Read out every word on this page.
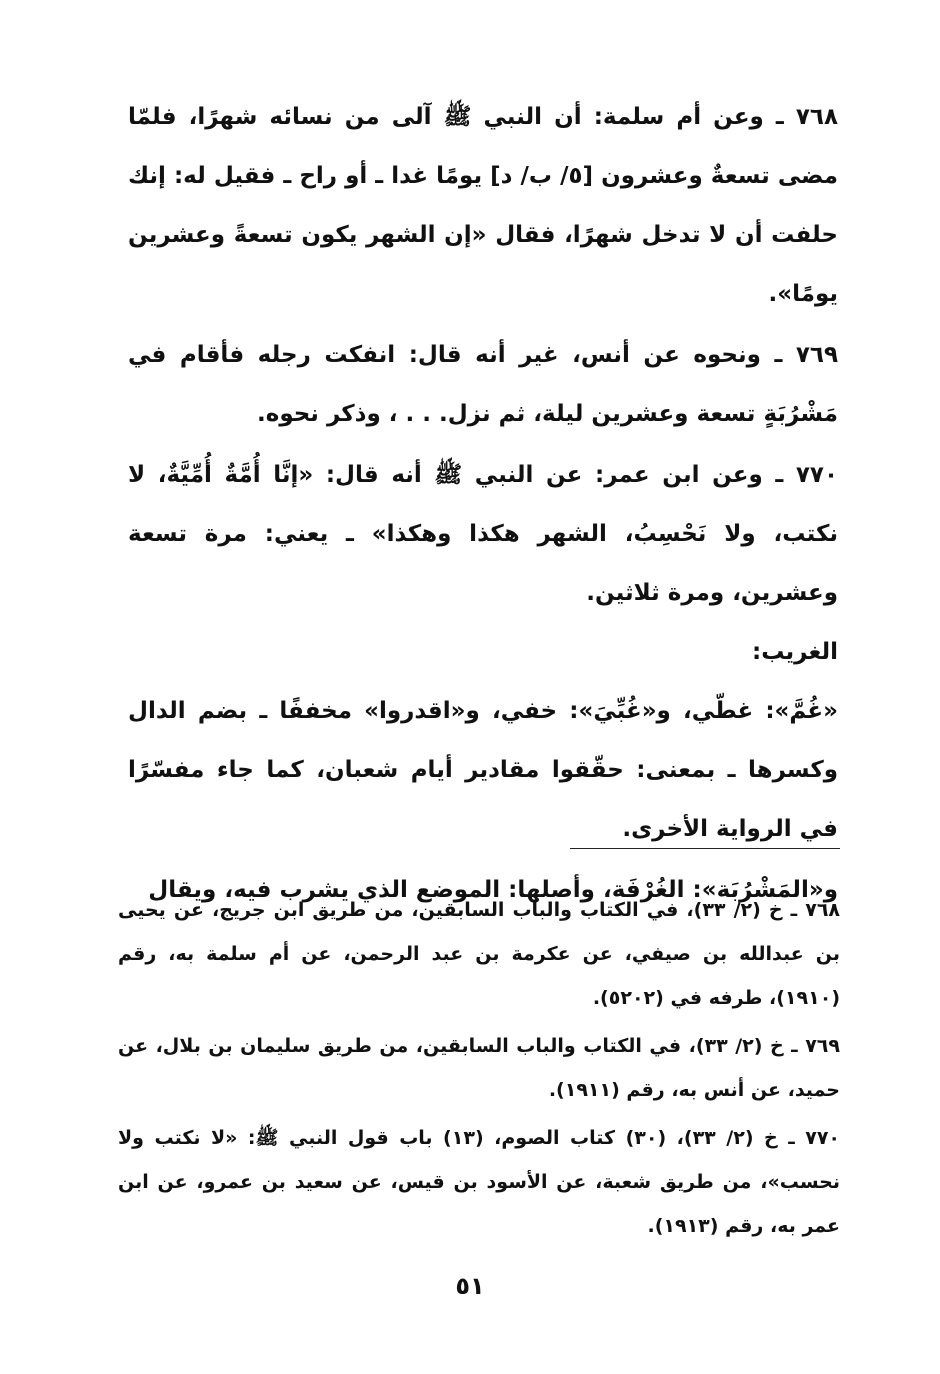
٧٦٨ ـ وعن أم سلمة: أن النبي ﷺ آلى من نسائه شهرًا، فلمّا مضى تسعةٌ وعشرون [٥/ ب/ د] يومًا غدا ـ أو راح ـ فقيل له: إنك حلفت أن لا تدخل شهرًا، فقال «إن الشهر يكون تسعةً وعشرين يومًا».

٧٦٩ ـ ونحوه عن أنس، غير أنه قال: انفكت رجله فأقام في مَشْرُبَةٍ تسعة وعشرين ليلة، ثم نزل. . . ، وذكر نحوه.

٧٧٠ ـ وعن ابن عمر: عن النبي ﷺ أنه قال: «إنَّا أُمَّةٌ أُمِّيَّةٌ، لا نكتب، ولا نَحْسِبُ، الشهر هكذا وهكذا» ـ يعني: مرة تسعة وعشرين، ومرة ثلاثين.

الغريب:

«غُمَّ»: غطّي، و«غُبِّيَ»: خفي، و«اقدروا» مخففًا ـ بضم الدال وكسرها ـ بمعنى: حقّقوا مقادير أيام شعبان، كما جاء مفسّرًا في الرواية الأخرى.

و«المَشْرُبَة»: الغُرْفَة، وأصلها: الموضع الذي يشرب فيه، ويقال

٧٦٨ ـ خ (٢/ ٣٣)، في الكتاب والباب السابقين، من طريق ابن جريج، عن يحيى بن عبدالله بن صيفي، عن عكرمة بن عبد الرحمن، عن أم سلمة به، رقم (١٩١٠)، طرفه في (٥٢٠٢).

٧٦٩ ـ خ (٢/ ٣٣)، في الكتاب والباب السابقين، من طريق سليمان بن بلال، عن حميد، عن أنس به، رقم (١٩١١).

٧٧٠ ـ خ (٢/ ٣٣)، (٣٠) كتاب الصوم، (١٣) باب قول النبي ﷺ: «لا نكتب ولا نحسب»، من طريق شعبة، عن الأسود بن قيس، عن سعيد بن عمرو، عن ابن عمر به، رقم (١٩١٣).

٥١
